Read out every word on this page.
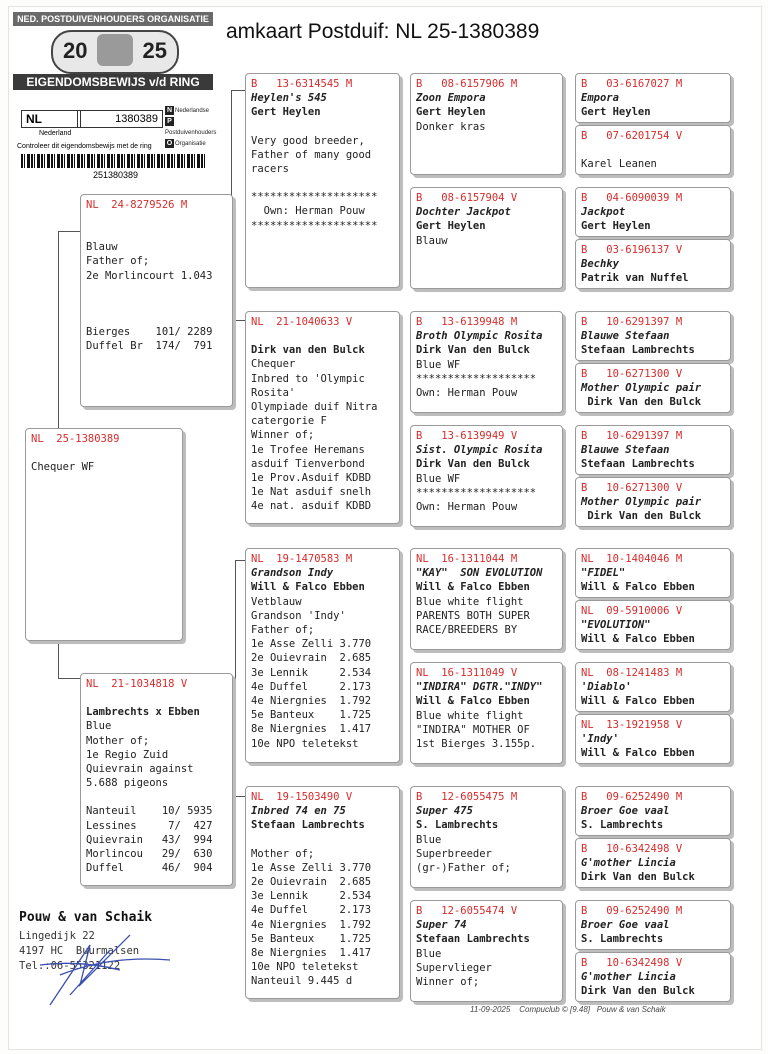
amkaart Postduif: NL 25-1380389
NED. POSTDUIVENHOUDERS ORGANISATIE
20	25
EIGENDOMSBEWIJS v/d RING
NL	1380389
Nederland
N Nederlandse
PPostduivenhouders
O Organisatie
Controleer dit eigendomsbewijs met de ring
251380389
NL  25-1380389
Chequer WF
NL  24-8279526 M
Blauw
Father of;
2e Morlincourt 1.043
Bierges    101/ 2289
Duffel Br  174/  791
NL  21-1034818 V
Lambrechts x Ebben
Blue
Mother of;
1e Regio Zuid
Quievrain against
5.688 pigeons
Nanteuil    10/ 5935
Lessines     7/  427
Quievrain   43/  994
Morlincou   29/  630
Duffel      46/  904
B   13-6314545 M
Heylen's 545
Gert Heylen
Very good breeder,
Father of many good
racers
********************
Own: Herman Pouw
********************
NL  21-1040633 V
Dirk van den Bulck
Chequer
Inbred to 'Olympic
Rosita'
Olympiade duif Nitra
catergorie F
Winner of;
1e Trofee Heremans
asduif Tienverbond
1e Prov.Asduif KDBD
1e Nat asduif snelh
4e nat. asduif KDBD
NL  19-1470583 M
Grandson Indy
Will & Falco Ebben
Vetblauw
Grandson 'Indy'
Father of;
1e Asse Zelli 3.770
2e Ouievrain  2.685
3e Lennik     2.534
4e Duffel     2.173
4e Niergnies  1.792
5e Banteux    1.725
8e Niergnies  1.417
10e NPO teletekst
NL  19-1503490 V
Inbred 74 en 75
Stefaan Lambrechts
Mother of;
1e Asse Zelli 3.770
2e Ouievrain  2.685
3e Lennik     2.534
4e Duffel     2.173
4e Niergnies  1.792
5e Banteux    1.725
8e Niergnies  1.417
10e NPO teletekst
Nanteuil 9.445 d
B   08-6157906 M
Zoon Empora
Gert Heylen
Donker kras
B   08-6157904 V
Dochter Jackpot
Gert Heylen
Blauw
B   13-6139948 M
Broth Olympic Rosita
Dirk Van den Bulck
Blue WF
*******************
Own: Herman Pouw
B   13-6139949 V
Sist. Olympic Rosita
Dirk Van den Bulck
Blue WF
*******************
Own: Herman Pouw
NL  16-1311044 M
"KAY"  SON EVOLUTION
Will & Falco Ebben
Blue white flight
PARENTS BOTH SUPER
RACE/BREEDERS BY
NL  16-1311049 V
"INDIRA" DGTR."INDY"
Will & Falco Ebben
Blue white flight
"INDIRA" MOTHER OF
1st Bierges 3.155p.
B   12-6055475 M
Super 475
S. Lambrechts
Blue
Superbreeder
(gr-)Father of;
B   12-6055474 V
Super 74
Stefaan Lambrechts
Blue
Supervlieger
Winner of;
B   03-6167027 M
Empora
Gert Heylen
B   07-6201754 V
Karel Leanen
B   04-6090039 M
Jackpot
Gert Heylen
B   03-6196137 V
Bechky
Patrik van Nuffel
B   10-6291397 M
Blauwe Stefaan
Stefaan Lambrechts
B   10-6271300 V
Mother Olympic pair
Dirk Van den Bulck
B   10-6291397 M
Blauwe Stefaan
Stefaan Lambrechts
B   10-6271300 V
Mother Olympic pair
Dirk Van den Bulck
NL  10-1404046 M
"FIDEL"
Will & Falco Ebben
NL  09-5910006 V
"EVOLUTION"
Will & Falco Ebben
NL  08-1241483 M
'Diablo'
Will & Falco Ebben
NL  13-1921958 V
'Indy'
Will & Falco Ebben
B   09-6252490 M
Broer Goe vaal
S. Lambrechts
B   10-6342498 V
G'mother Lincia
Dirk Van den Bulck
B   09-6252490 M
Broer Goe vaal
S. Lambrechts
B   10-6342498 V
G'mother Lincia
Dirk Van den Bulck
Pouw & van Schaik
Lingedijk 22
4197 HC  Buurmalsen
Tel.:06-55321122
11-09-2025    Compuclub © [9.48]   Pouw & van Schaik
